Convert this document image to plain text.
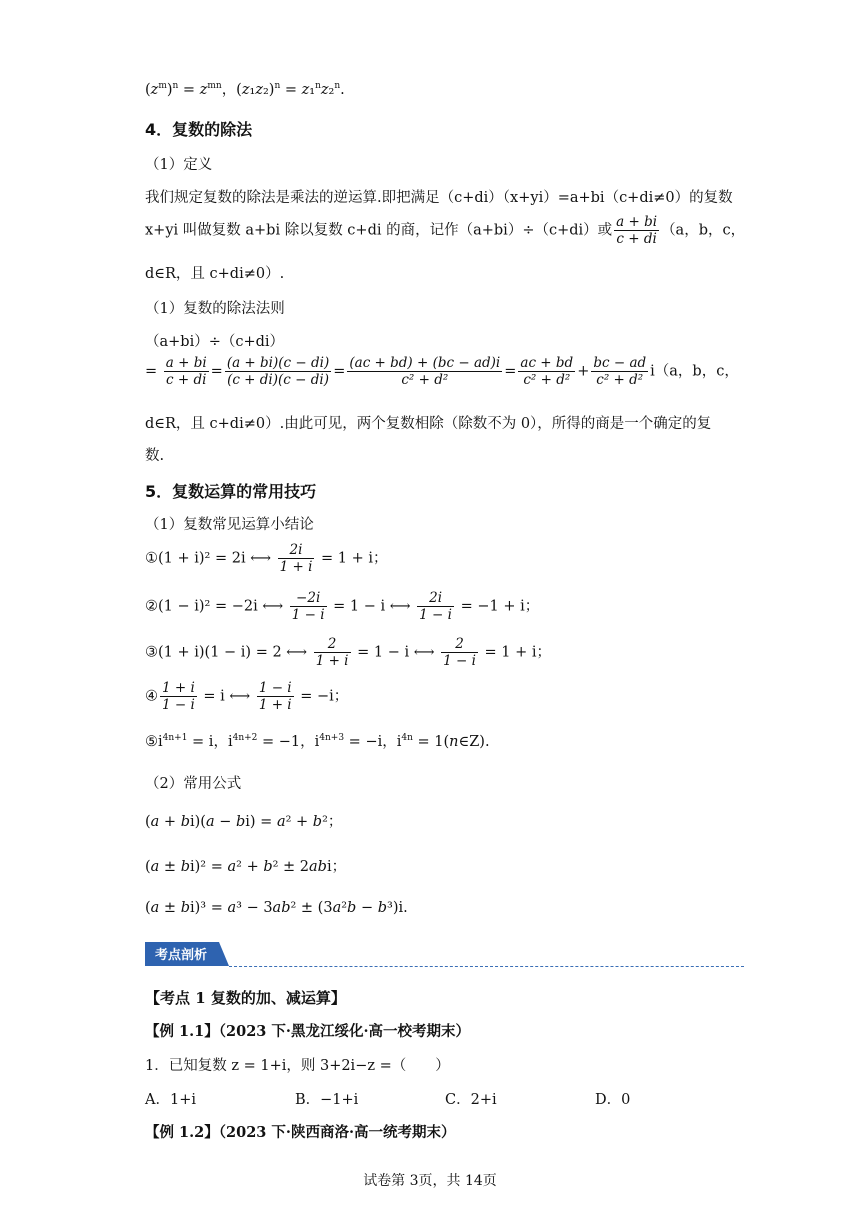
$(z^m)^n = z^{mn}$，$(z_1z_2)^n = z_1^nz_2^n$.
4．复数的除法
（1）定义
我们规定复数的除法是乘法的逆运算.即把满足（c+di）（x+yi）=a+bi（c+di≠0）的复数
x+yi 叫做复数 a+bi 除以复数 c+di 的商，记作（a+bi）÷（c+di）或 $\frac{a + bi}{c + di} (a$，b，c，
d∈R，且 c+di≠0）.
（1）复数的除法法则
（a+bi）÷（c+di）
= $\frac{a + bi}{c + di} = \frac{(a + bi)(c - di)}{(c + di)(c - di)} = \frac{(ac + bd) + (bc - ad)i}{\text{c² + d²}} = \frac{ac + bd}{\text{c² + d²}} + \frac{bc - ad}{\text{c² + d²}} i(a$，b，c，
d∈R，且 c+di≠0）.由此可见，两个复数相除（除数不为 0），所得的商是一个确定的复
数.
5．复数运算的常用技巧
（1）复数常见运算小结论
①(1 + i)² = 2i ⟷ $\frac{2i}{1 + i} = 1 + i$；
②(1 − i)² = −2i ⟷ $\frac{-2i}{1 - i} = 1 - i$ ⟷ $\frac{2i}{1 - i} = -1 + i$；
③(1 + i)(1 − i) = 2 ⟷ $\frac{2}{1 + i} = 1 - i$ ⟷ $\frac{2}{1 - i} = 1 + i$；
④ $\frac{1 + i}{1 - i} = i$ ⟷ $\frac{1 - i}{1 + i} = -i$；
$⑤i^{4n+1} = i$，$i^{4n+2} = -1$，$i^{4n+3} = -i$，$i^{4n}$ = 1(n∈Z).
（2）常用公式
(a + bi)(a − bi) = a² + b²；
(a ± bi)² = a² + b² ± 2abi；
(a ± bi)³ = a³ − 3ab² ± (3a²b − b³)i.
考点剖析
【考点 1 复数的加、减运算】
【例 1.1】（2023 下·黑龙江绥化·高一校考期末）
1．已知复数 z = 1+i，则 3+2i−z =（　　）
A．1+i	B．−1+i	C．2+i	D．0
【例 1.2】（2023 下·陕西商洛·高一统考期末）
试卷第 3页，共 14页
